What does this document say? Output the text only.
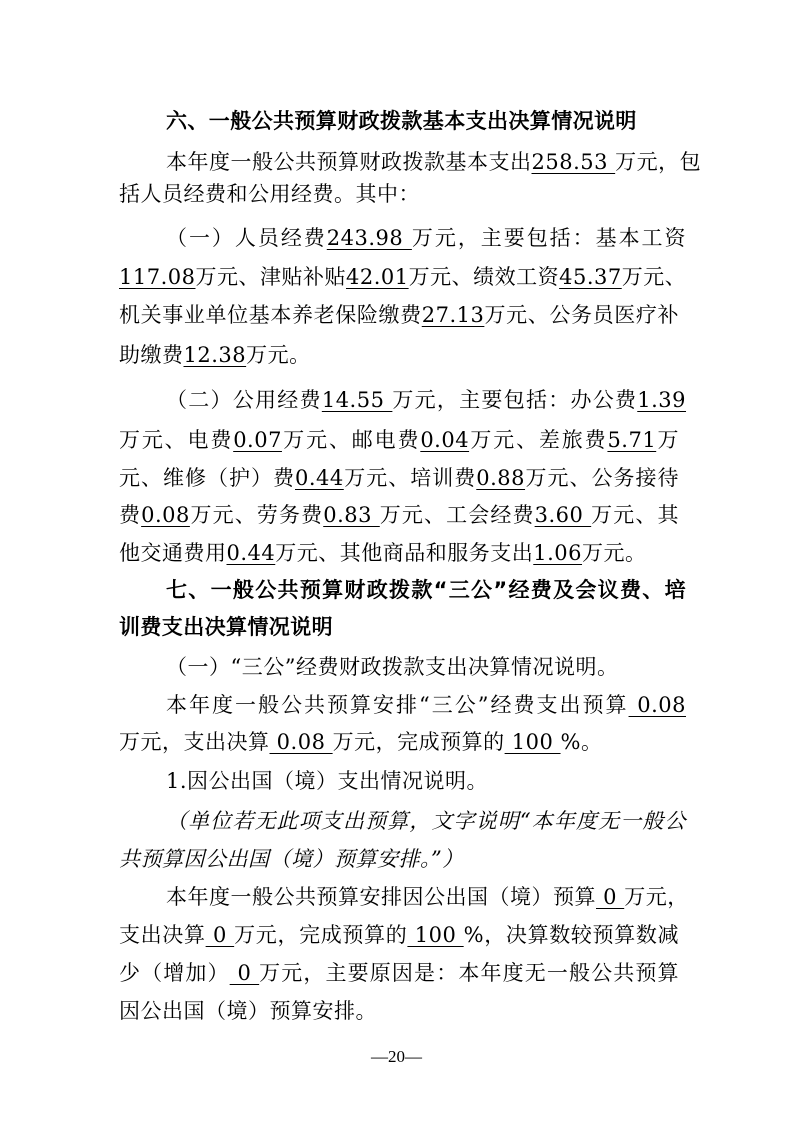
六、一般公共预算财政拨款基本支出决算情况说明
本年度一般公共预算财政拨款基本支出258.53 万元，包
括人员经费和公用经费。其中：
（一）人员经费243.98 万元，主要包括：基本工资
117.08万元、津贴补贴42.01万元、绩效工资45.37万元、
机关事业单位基本养老保险缴费27.13万元、公务员医疗补
助缴费12.38万元。
（二）公用经费14.55 万元，主要包括：办公费1.39
万元、电费0.07万元、邮电费0.04万元、差旅费5.71万
元、维修（护）费0.44万元、培训费0.88万元、公务接待
费0.08万元、劳务费0.83 万元、工会经费3.60 万元、其
他交通费用0.44万元、其他商品和服务支出1.06万元。
七、一般公共预算财政拨款“三公”经费及会议费、培
训费支出决算情况说明
（一）“三公”经费财政拨款支出决算情况说明。
本年度一般公共预算安排“三公”经费支出预算 0.08
万元，支出决算 0.08 万元，完成预算的 100 %。
1.因公出国（境）支出情况说明。
（单位若无此项支出预算，文字说明“本年度无一般公
共预算因公出国（境）预算安排。”）
本年度一般公共预算安排因公出国（境）预算 0 万元，
支出决算 0 万元，完成预算的 100 %，决算数较预算数减
少（增加） 0 万元，主要原因是：本年度无一般公共预算
因公出国（境）预算安排。
—20—
